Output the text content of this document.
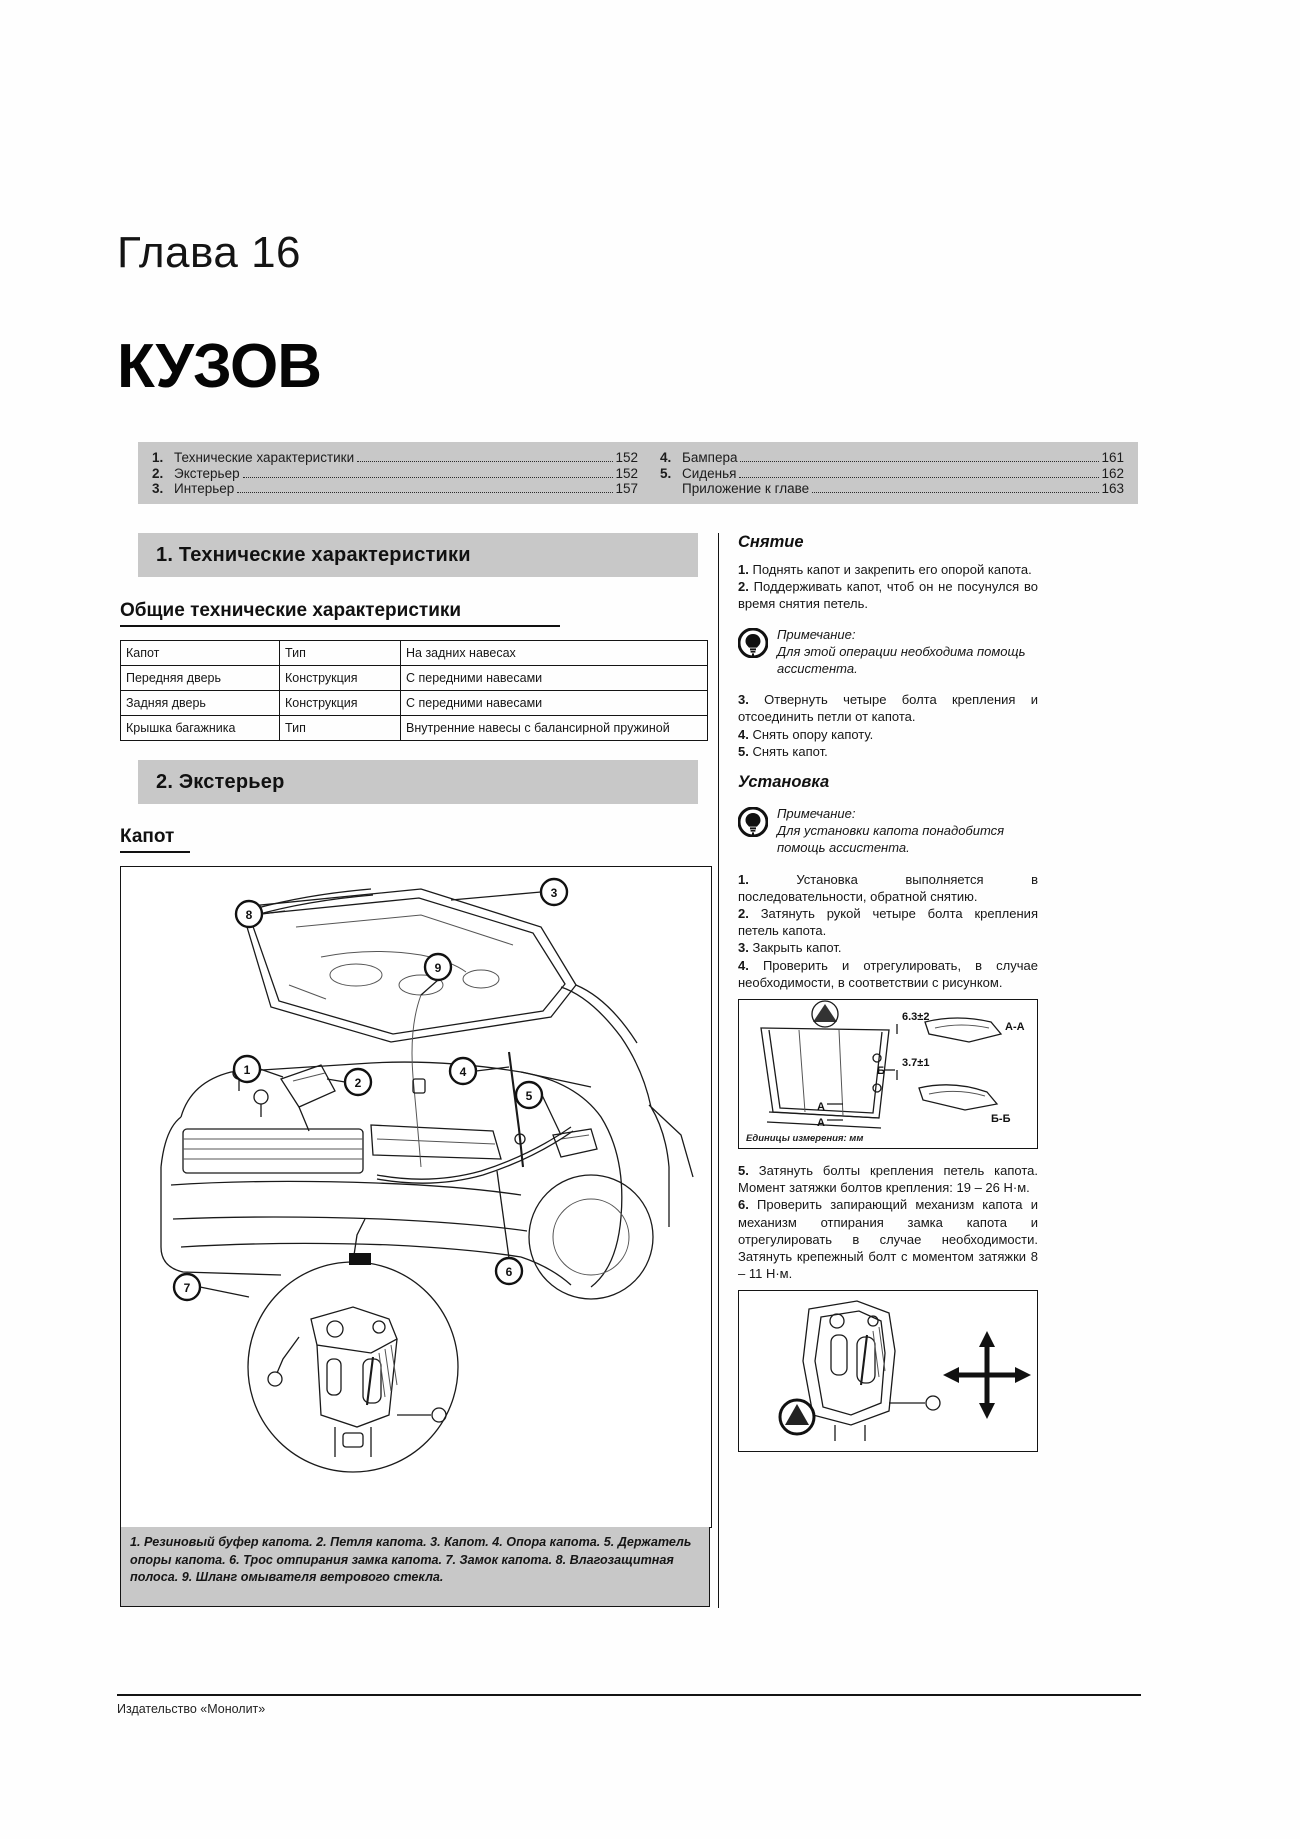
Глава 16
КУЗОВ
1. Технические характеристики	152
2. Экстерьер	152
3. Интерьер	157
4. Бампера	161
5. Сиденья	162
Приложение к главе	163
1. Технические характеристики
Общие технические характеристики
Капот	Тип	На задних навесах
Передняя дверь	Конструкция	С передними навесами
Задняя дверь	Конструкция	С передними навесами
Крышка багажника	Тип	Внутренние навесы с балансирной пружиной
2. Экстерьер
Капот
3
8
9
1
2
4
5
6
7
1. Резиновый буфер капота. 2. Петля капота. 3. Капот. 4. Опора капота. 5. Держатель опоры капота. 6. Трос отпирания замка капота. 7. Замок капота. 8. Влагозащитная полоса. 9. Шланг омывателя ветрового стекла.
Снятие
1. Поднять капот и закрепить его опорой капота.
2. Поддерживать капот, чтоб он не посунулся во время снятия петель.
Примечание:
Для этой операции необходима помощь ассистента.
3. Отвернуть четыре болта крепления и отсоединить петли от капота.
4. Снять опору капоту.
5. Снять капот.
Установка
Примечание:
Для установки капота понадобится помощь ассистента.
1.	Установка выполняется в последовательности, обратной снятию.
2. Затянуть рукой четыре болта крепления петель капота.
3. Закрыть капот.
4. Проверить и отрегулировать, в случае необходимости, в соответствии с рисунком.
A
A
Б
A-A
6.3±2
3.7±1
Б-Б
Единицы измерения: мм
5. Затянуть болты крепления петель капота. Момент затяжки болтов крепления: 19 – 26 Н·м.
6. Проверить запирающий механизм капота и механизм отпирания замка капота и отрегулировать в случае необходимости. Затянуть крепежный болт с моментом затяжки 8 – 11 Н·м.
Издательство «Монолит»
